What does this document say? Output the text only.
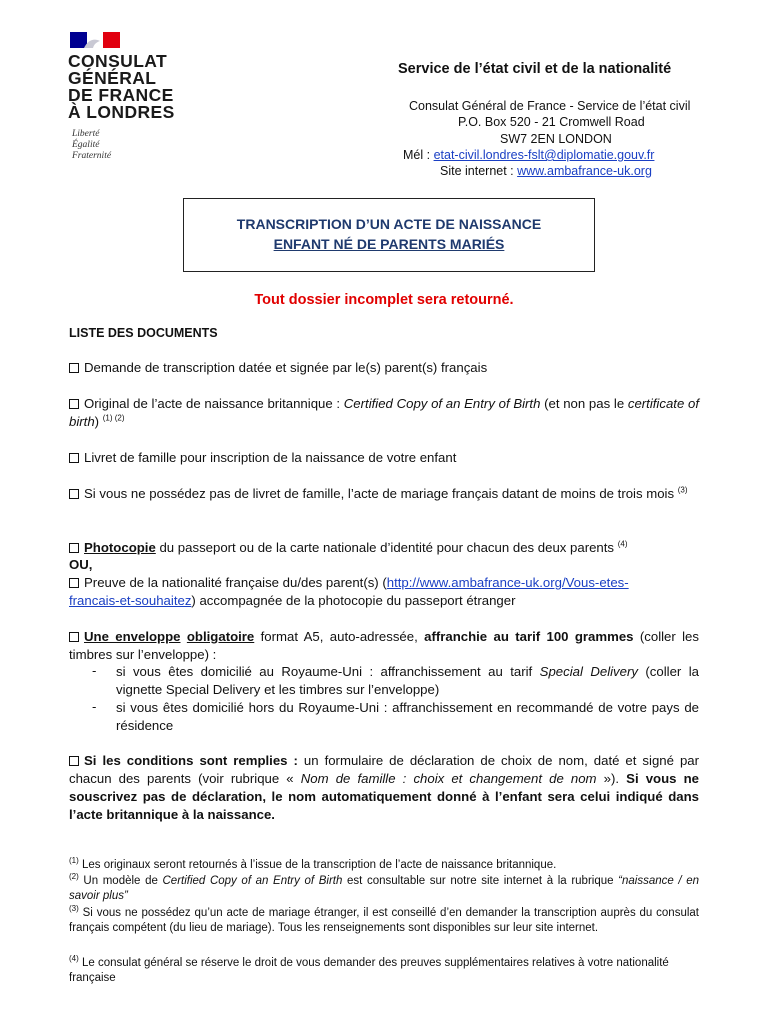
CONSULAT
GÉNÉRAL
DE FRANCE
À LONDRES
Liberté
Égalité
Fraternité
Service de l’état civil et de la nationalité
Consulat Général de France - Service de l’état civil
P.O. Box 520 - 21 Cromwell Road
SW7 2EN LONDON
Mél : etat-civil.londres-fslt@diplomatie.gouv.fr
Site internet : www.ambafrance-uk.org
TRANSCRIPTION D’UN ACTE DE NAISSANCE
ENFANT NÉ DE PARENTS MARIÉS
Tout dossier incomplet sera retourné.
LISTE DES DOCUMENTS
Demande de transcription datée et signée par le(s) parent(s) français
Original de l’acte de naissance britannique : Certified Copy of an Entry of Birth (et non pas le certificate of birth) $^{(1) (2)}$
Livret de famille pour inscription de la naissance de votre enfant
Si vous ne possédez pas de livret de famille, l’acte de mariage français datant de moins de trois mois $^{(3)}$
Photocopie du passeport ou de la carte nationale d’identité pour chacun des deux parents $^{(4)}$
OU,
Preuve de la nationalité française du/des parent(s) (http://www.ambafrance-uk.org/Vous-etes-
francais-et-souhaitez) accompagnée de la photocopie du passeport étranger
Une enveloppe obligatoire format A5, auto-adressée, affranchie au tarif 100 grammes (coller les timbres sur l’enveloppe) :
- si vous êtes domicilié au Royaume-Uni : affranchissement au tarif Special Delivery (coller la vignette Special Delivery et les timbres sur l’enveloppe)
- si vous êtes domicilié hors du Royaume-Uni : affranchissement en recommandé de votre pays de résidence
Si les conditions sont remplies : un formulaire de déclaration de choix de nom, daté et signé par chacun des parents (voir rubrique « Nom de famille : choix et changement de nom »). Si vous ne souscrivez pas de déclaration, le nom automatiquement donné à l’enfant sera celui indiqué dans l’acte britannique à la naissance.
$^{(1)}$ Les originaux seront retournés à l’issue de la transcription de l’acte de naissance britannique.
$^{(2)}$ Un modèle de Certified Copy of an Entry of Birth est consultable sur notre site internet à la rubrique “naissance / en savoir plus”
$^{(3)}$ Si vous ne possédez qu’un acte de mariage étranger, il est conseillé d’en demander la transcription auprès du consulat français compétent (du lieu de mariage). Tous les renseignements sont disponibles sur leur site internet.
$^{(4)}$ Le consulat général se réserve le droit de vous demander des preuves supplémentaires relatives à votre nationalité française
